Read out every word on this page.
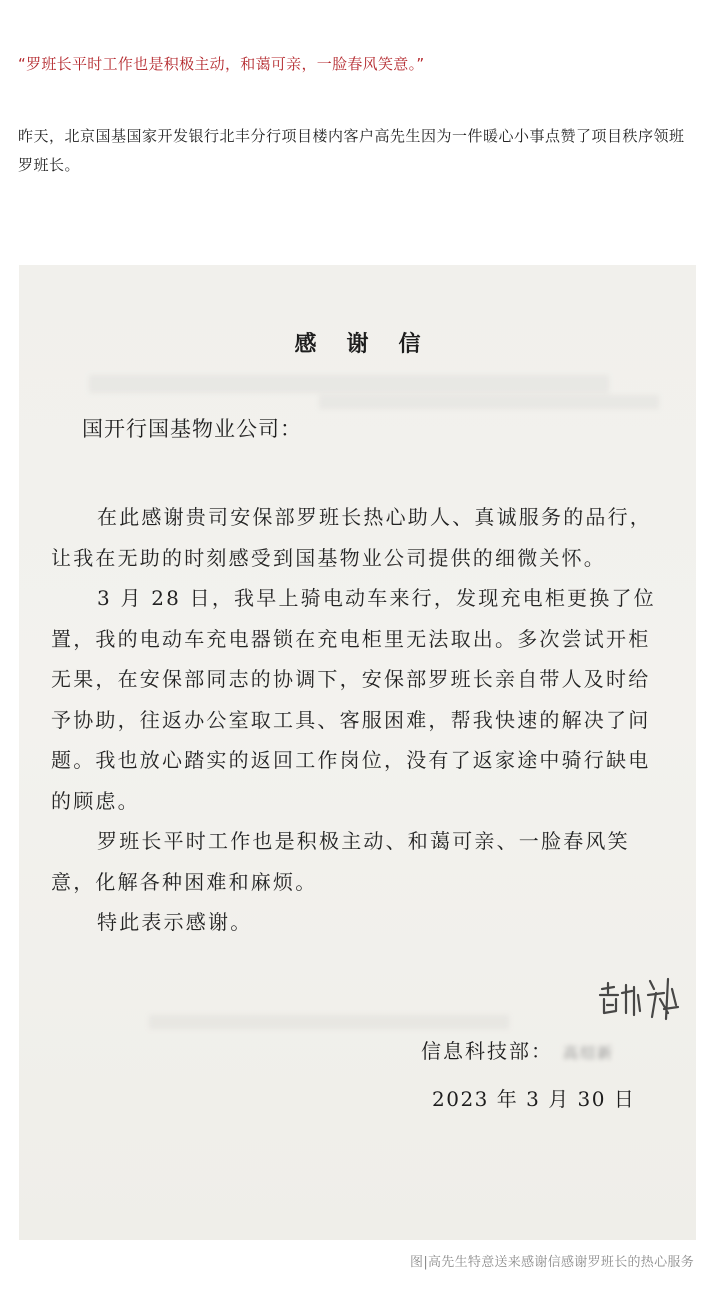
“罗班长平时工作也是积极主动，和蔼可亲，一脸春风笑意。”
昨天，北京国基国家开发银行北丰分行项目楼内客户高先生因为一件暖心小事点赞了项目秩序领班罗班长。
感谢信
国开行国基物业公司：

在此感谢贵司安保部罗班长热心助人、真诚服务的品行，让我在无助的时刻感受到国基物业公司提供的细微关怀。

3 月 28 日，我早上骑电动车来行，发现充电柜更换了位置，我的电动车充电器锁在充电柜里无法取出。多次尝试开柜无果，在安保部同志的协调下，安保部罗班长亲自带人及时给予协助，往返办公室取工具、客服困难，帮我快速的解决了问题。我也放心踏实的返回工作岗位，没有了返家途中骑行缺电的顾虑。

罗班长平时工作也是积极主动、和蔼可亲、一脸春风笑意，化解各种困难和麻烦。

特此表示感谢。

信息科技部： 高绍新
2023 年 3 月 30 日
图|高先生特意送来感谢信感谢罗班长的热心服务
